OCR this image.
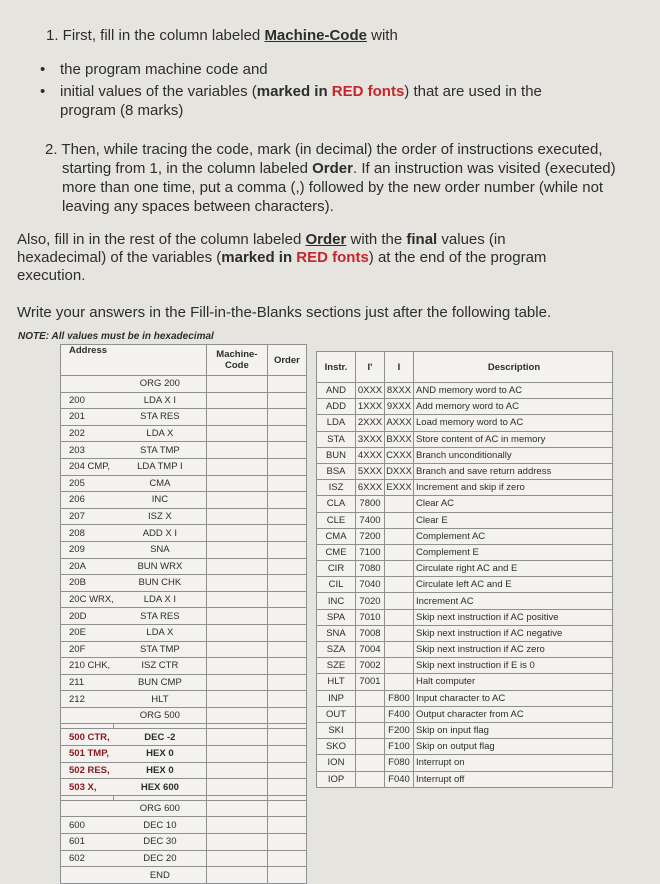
1. First, fill in the column labeled Machine-Code with
• the program machine code and
• initial values of the variables (marked in RED fonts) that are used in the program (8 marks)
2. Then, while tracing the code, mark (in decimal) the order of instructions executed, starting from 1, in the column labeled Order. If an instruction was visited (executed) more than one time, put a comma (,) followed by the new order number (while not leaving any spaces between characters).
Also, fill in in the rest of the column labeled Order with the final values (in hexadecimal) of the variables (marked in RED fonts) at the end of the program execution.
Write your answers in the Fill-in-the-Blanks sections just after the following table.
NOTE: All values must be in hexadecimal
Address		Machine-Code	Order
	ORG 200		
200	LDA X I		
201	STA RES		
202	LDA X		
203	STA TMP		
204 CMP,	LDA TMP I		
205	CMA		
206	INC		
207	ISZ X		
208	ADD X I		
209	SNA		
20A	BUN WRX		
20B	BUN CHK		
20C WRX,	LDA X I		
20D	STA RES		
20E	LDA X		
20F	STA TMP		
210 CHK,	ISZ CTR		
211	BUN CMP		
212	HLT		
	ORG 500		

500 CTR,	DEC -2		
501 TMP,	HEX 0		
502 RES,	HEX 0		
503 X,	HEX 600		

	ORG 600		
600	DEC 10		
601	DEC 30		
602	DEC 20		
	END		
Instr.	I'	I	Description
AND	0XXX	8XXX	AND memory word to AC
ADD	1XXX	9XXX	Add memory word to AC
LDA	2XXX	AXXX	Load memory word to AC
STA	3XXX	BXXX	Store content of AC in memory
BUN	4XXX	CXXX	Branch unconditionally
BSA	5XXX	DXXX	Branch and save return address
ISZ	6XXX	EXXX	Increment and skip if zero
CLA	7800		Clear AC
CLE	7400		Clear E
CMA	7200		Complement AC
CME	7100		Complement E
CIR	7080		Circulate right AC and E
CIL	7040		Circulate left AC and E
INC	7020		Increment AC
SPA	7010		Skip next instruction if AC positive
SNA	7008		Skip next instruction if AC negative
SZA	7004		Skip next instruction if AC zero
SZE	7002		Skip next instruction if E is 0
HLT	7001		Halt computer
INP		F800	Input character to AC
OUT		F400	Output character from AC
SKI		F200	Skip on input flag
SKO		F100	Skip on output flag
ION		F080	Interrupt on
IOP		F040	Interrupt off
